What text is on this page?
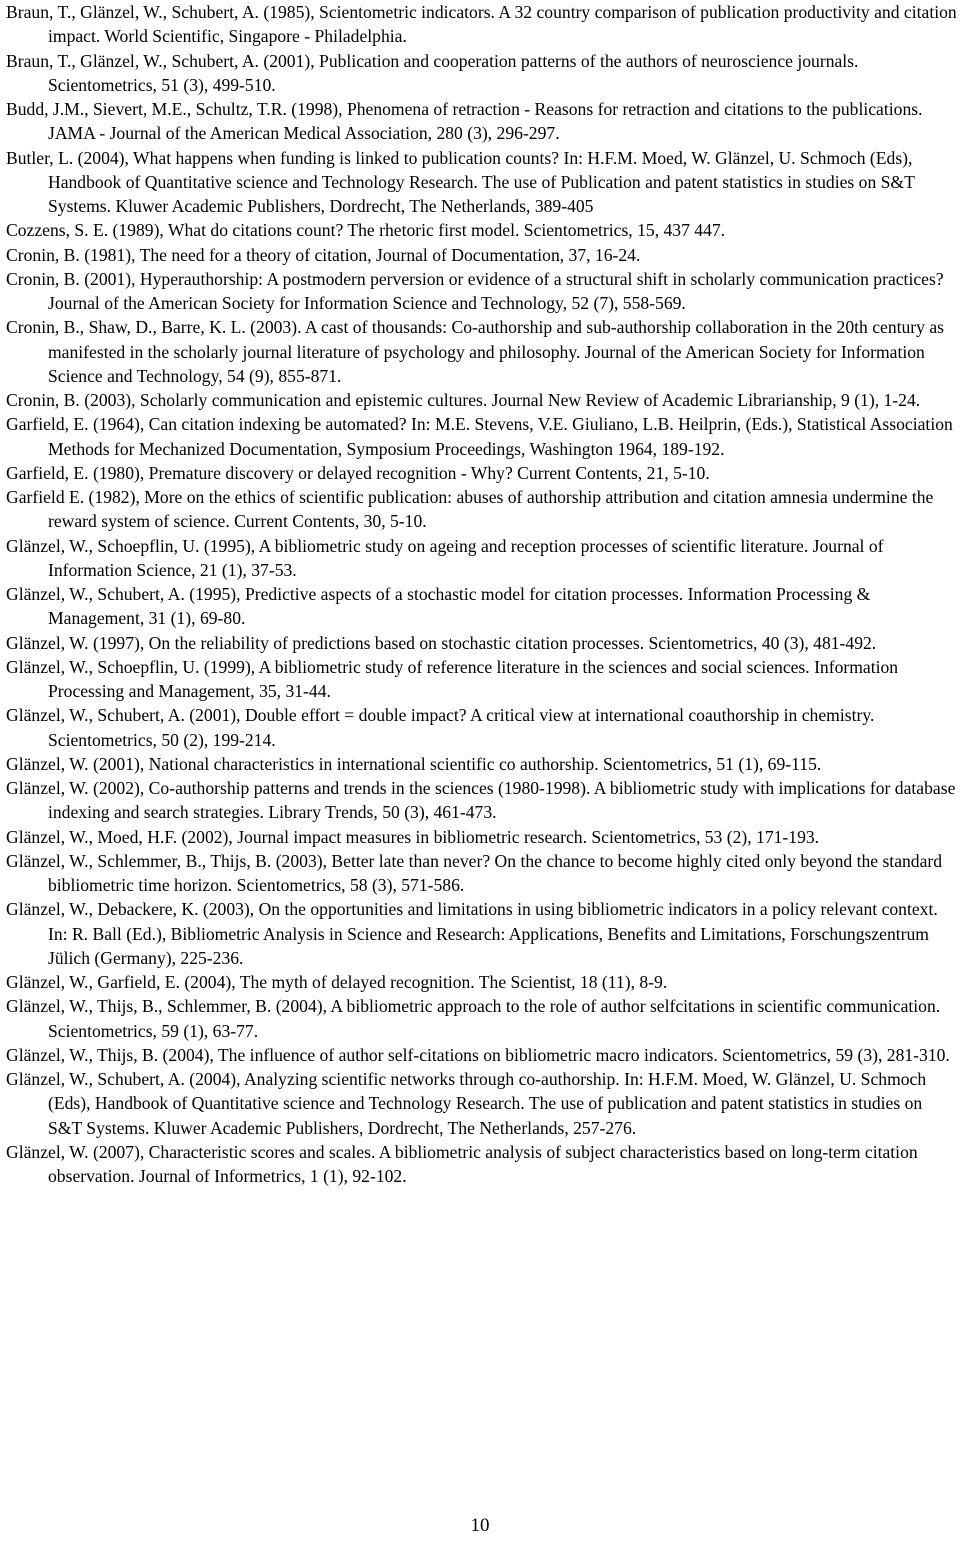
Braun, T., Glänzel, W., Schubert, A. (1985), Scientometric indicators. A 32 country comparison of publication productivity and citation impact. World Scientific, Singapore - Philadelphia.
Braun, T., Glänzel, W., Schubert, A. (2001), Publication and cooperation patterns of the authors of neuroscience journals. Scientometrics, 51 (3), 499-510.
Budd, J.M., Sievert, M.E., Schultz, T.R. (1998), Phenomena of retraction - Reasons for retraction and citations to the publications. JAMA - Journal of the American Medical Association, 280 (3), 296-297.
Butler, L. (2004), What happens when funding is linked to publication counts? In: H.F.M. Moed, W. Glänzel, U. Schmoch (Eds), Handbook of Quantitative science and Technology Research. The use of Publication and patent statistics in studies on S&T Systems. Kluwer Academic Publishers, Dordrecht, The Netherlands, 389-405
Cozzens, S. E. (1989), What do citations count? The rhetoric first model. Scientometrics, 15, 437 447.
Cronin, B. (1981), The need for a theory of citation, Journal of Documentation, 37, 16-24.
Cronin, B. (2001), Hyperauthorship: A postmodern perversion or evidence of a structural shift in scholarly communication practices? Journal of the American Society for Information Science and Technology, 52 (7), 558-569.
Cronin, B., Shaw, D., Barre, K. L. (2003). A cast of thousands: Co-authorship and sub-authorship collaboration in the 20th century as manifested in the scholarly journal literature of psychology and philosophy. Journal of the American Society for Information Science and Technology, 54 (9), 855-871.
Cronin, B. (2003), Scholarly communication and epistemic cultures. Journal New Review of Academic Librarianship, 9 (1), 1-24.
Garfield, E. (1964), Can citation indexing be automated? In: M.E. Stevens, V.E. Giuliano, L.B. Heilprin, (Eds.), Statistical Association Methods for Mechanized Documentation, Symposium Proceedings, Washington 1964, 189-192.
Garfield, E. (1980), Premature discovery or delayed recognition - Why? Current Contents, 21, 5-10.
Garfield E. (1982), More on the ethics of scientific publication: abuses of authorship attribution and citation amnesia undermine the reward system of science. Current Contents, 30, 5-10.
Glänzel, W., Schoepflin, U. (1995), A bibliometric study on ageing and reception processes of scientific literature. Journal of Information Science, 21 (1), 37-53.
Glänzel, W., Schubert, A. (1995), Predictive aspects of a stochastic model for citation processes. Information Processing & Management, 31 (1), 69-80.
Glänzel, W. (1997), On the reliability of predictions based on stochastic citation processes. Scientometrics, 40 (3), 481-492.
Glänzel, W., Schoepflin, U. (1999), A bibliometric study of reference literature in the sciences and social sciences. Information Processing and Management, 35, 31-44.
Glänzel, W., Schubert, A. (2001), Double effort = double impact? A critical view at international coauthorship in chemistry. Scientometrics, 50 (2), 199-214.
Glänzel, W. (2001), National characteristics in international scientific co authorship. Scientometrics, 51 (1), 69-115.
Glänzel, W. (2002), Co-authorship patterns and trends in the sciences (1980-1998). A bibliometric study with implications for database indexing and search strategies. Library Trends, 50 (3), 461-473.
Glänzel, W., Moed, H.F. (2002), Journal impact measures in bibliometric research. Scientometrics, 53 (2), 171-193.
Glänzel, W., Schlemmer, B., Thijs, B. (2003), Better late than never? On the chance to become highly cited only beyond the standard bibliometric time horizon. Scientometrics, 58 (3), 571-586.
Glänzel, W., Debackere, K. (2003), On the opportunities and limitations in using bibliometric indicators in a policy relevant context. In: R. Ball (Ed.), Bibliometric Analysis in Science and Research: Applications, Benefits and Limitations, Forschungszentrum Jülich (Germany), 225-236.
Glänzel, W., Garfield, E. (2004), The myth of delayed recognition. The Scientist, 18 (11), 8-9.
Glänzel, W., Thijs, B., Schlemmer, B. (2004), A bibliometric approach to the role of author selfcitations in scientific communication. Scientometrics, 59 (1), 63-77.
Glänzel, W., Thijs, B. (2004), The influence of author self-citations on bibliometric macro indicators. Scientometrics, 59 (3), 281-310.
Glänzel, W., Schubert, A. (2004), Analyzing scientific networks through co-authorship. In: H.F.M. Moed, W. Glänzel, U. Schmoch (Eds), Handbook of Quantitative science and Technology Research. The use of publication and patent statistics in studies on S&T Systems. Kluwer Academic Publishers, Dordrecht, The Netherlands, 257-276.
Glänzel, W. (2007), Characteristic scores and scales. A bibliometric analysis of subject characteristics based on long-term citation observation. Journal of Informetrics, 1 (1), 92-102.
10
